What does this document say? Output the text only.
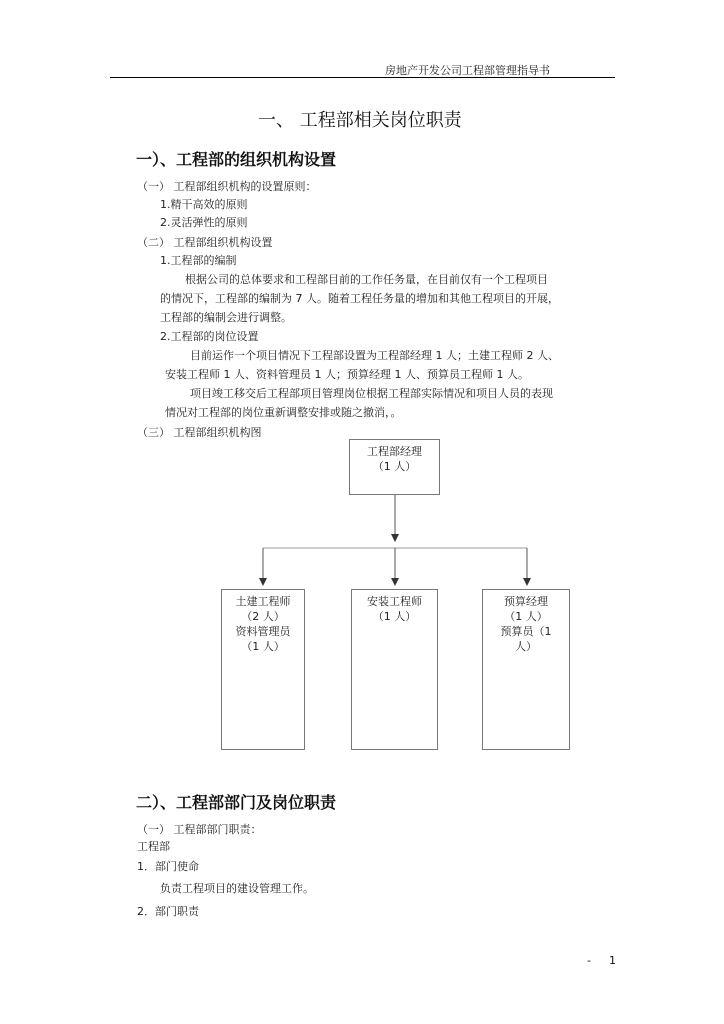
房地产开发公司工程部管理指导书
一、 工程部相关岗位职责
一）、工程部的组织机构设置
（一） 工程部组织机构的设置原则：
1.精干高效的原则
2.灵活弹性的原则
（二） 工程部组织机构设置
1.工程部的编制
根据公司的总体要求和工程部目前的工作任务量，在目前仅有一个工程项目
的情况下，工程部的编制为 7 人。随着工程任务量的增加和其他工程项目的开展，
工程部的编制会进行调整。
2.工程部的岗位设置
目前运作一个项目情况下工程部设置为工程部经理 1 人；土建工程师 2 人、
安装工程师 1 人、资料管理员 1 人；预算经理 1 人、预算员工程师 1 人。
项目竣工移交后工程部项目管理岗位根据工程部实际情况和项目人员的表现
情况对工程部的岗位重新调整安排或随之撤消，。
（三） 工程部组织机构图
工程部经理
（1 人）
土建工程师
（2 人）
资料管理员
（1 人）
安装工程师
（1 人）
预算经理
（1 人）
预算员（1
人）
二）、工程部部门及岗位职责
（一） 工程部部门职责：
工程部
1．部门使命
负责工程项目的建设管理工作。
2．部门职责
- 1
